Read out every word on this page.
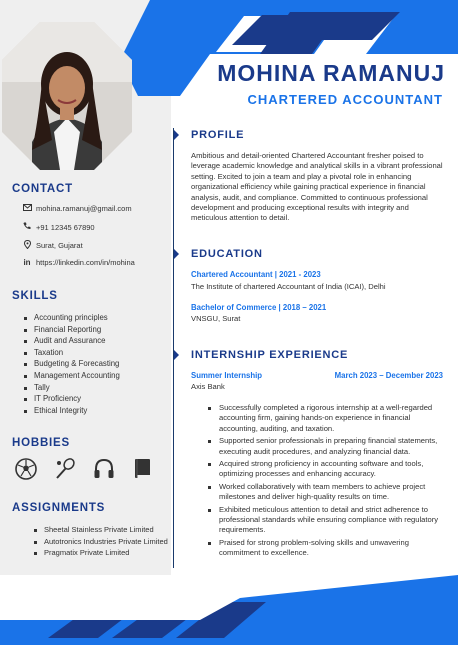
MOHINA RAMANUJ
CHARTERED ACCOUNTANT
CONTACT
mohina.ramanuj@gmail.com
+91 12345 67890
Surat, Gujarat
in https://linkedin.com/in/mohina
SKILLS
Accounting principles
Financial Reporting
Audit and Assurance
Taxation
Budgeting & Forecasting
Management Accounting
Tally
IT Proficiency
Ethical Integrity
HOBBIES
ASSIGNMENTS
Sheetal Stainless Private Limited
Autotronics Industries Private Limited
Pragmatix Private Limited
PROFILE

Ambitious and detail-oriented Chartered Accountant fresher poised to leverage academic knowledge and analytical skills in a vibrant professional setting. Excited to join a team and play a pivotal role in enhancing organizational efficiency while gaining practical experience in financial analysis, audit, and compliance. Committed to continuous professional development and producing exceptional results with integrity and meticulous attention to detail.

EDUCATION
Chartered Accountant | 2021 - 2023
The Institute of chartered Accountant of India (ICAI), Delhi
Bachelor of Commerce | 2018 – 2021
VNSGU, Surat
INTERNSHIP EXPERIENCE
Summer Internship	March 2023 – December 2023
Axis Bank
Successfully completed a rigorous internship at a well-regarded accounting firm, gaining hands-on experience in financial accounting, auditing, and taxation.
Supported senior professionals in preparing financial statements, executing audit procedures, and analyzing financial data.
Acquired strong proficiency in accounting software and tools, optimizing processes and enhancing accuracy.
Worked collaboratively with team members to achieve project milestones and deliver high-quality results on time.
Exhibited meticulous attention to detail and strict adherence to professional standards while ensuring compliance with regulatory requirements.
Praised for strong problem-solving skills and unwavering commitment to excellence.
